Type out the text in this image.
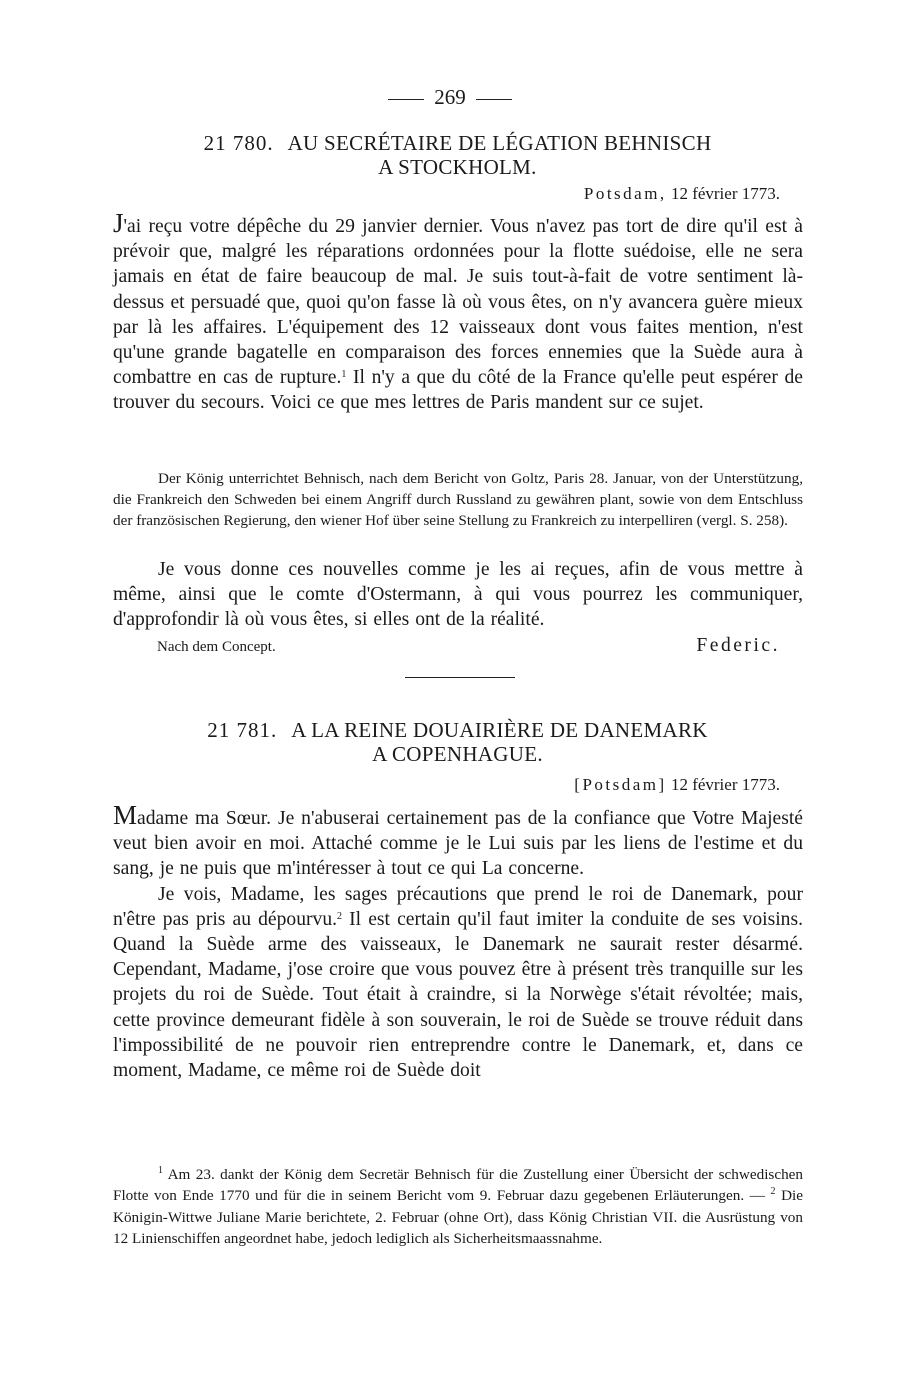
269
21 780. AU SECRÉTAIRE DE LÉGATION BEHNISCH
A STOCKHOLM.
Potsdam, 12 février 1773.

J'ai reçu votre dépêche du 29 janvier dernier. Vous n'avez pas tort de dire qu'il est à prévoir que, malgré les réparations ordonnées pour la flotte suédoise, elle ne sera jamais en état de faire beaucoup de mal. Je suis tout-à-fait de votre sentiment là-dessus et persuadé que, quoi qu'on fasse là où vous êtes, on n'y avancera guère mieux par là les affaires. L'équipement des 12 vaisseaux dont vous faites mention, n'est qu'une grande bagatelle en comparaison des forces ennemies que la Suède aura à combattre en cas de rupture.$^1$ Il n'y a que du côté de la France qu'elle peut espérer de trouver du secours. Voici ce que mes lettres de Paris mandent sur ce sujet.

Der König unterrichtet Behnisch, nach dem Bericht von Goltz, Paris 28. Januar, von der Unterstützung, die Frankreich den Schweden bei einem Angriff durch Russland zu gewähren plant, sowie von dem Entschluss der französischen Regierung, den wiener Hof über seine Stellung zu Frankreich zu interpelliren (vergl. S. 258).

Je vous donne ces nouvelles comme je les ai reçues, afin de vous mettre à même, ainsi que le comte d'Ostermann, à qui vous pourrez les communiquer, d'approfondir là où vous êtes, si elles ont de la réalité.

Nach dem Concept.	Federic.
21 781. A LA REINE DOUAIRIÈRE DE DANEMARK
A COPENHAGUE.
[Potsdam] 12 février 1773.

Madame ma Sœur. Je n'abuserai certainement pas de la confiance que Votre Majesté veut bien avoir en moi. Attaché comme je le Lui suis par les liens de l'estime et du sang, je ne puis que m'intéresser à tout ce qui La concerne.

Je vois, Madame, les sages précautions que prend le roi de Danemark, pour n'être pas pris au dépourvu.$^2$ Il est certain qu'il faut imiter la conduite de ses voisins. Quand la Suède arme des vaisseaux, le Danemark ne saurait rester désarmé. Cependant, Madame, j'ose croire que vous pouvez être à présent très tranquille sur les projets du roi de Suède. Tout était à craindre, si la Norwège s'était révoltée; mais, cette province demeurant fidèle à son souverain, le roi de Suède se trouve réduit dans l'impossibilité de ne pouvoir rien entreprendre contre le Danemark, et, dans ce moment, Madame, ce même roi de Suède doit

$^1$ Am 23. dankt der König dem Secretär Behnisch für die Zustellung einer Übersicht der schwedischen Flotte von Ende 1770 und für die in seinem Bericht vom 9. Februar dazu gegebenen Erläuterungen. — $^2$ Die Königin-Wittwe Juliane Marie berichtete, 2. Februar (ohne Ort), dass König Christian VII. die Ausrüstung von 12 Linienschiffen angeordnet habe, jedoch lediglich als Sicherheitsmaassnahme.
